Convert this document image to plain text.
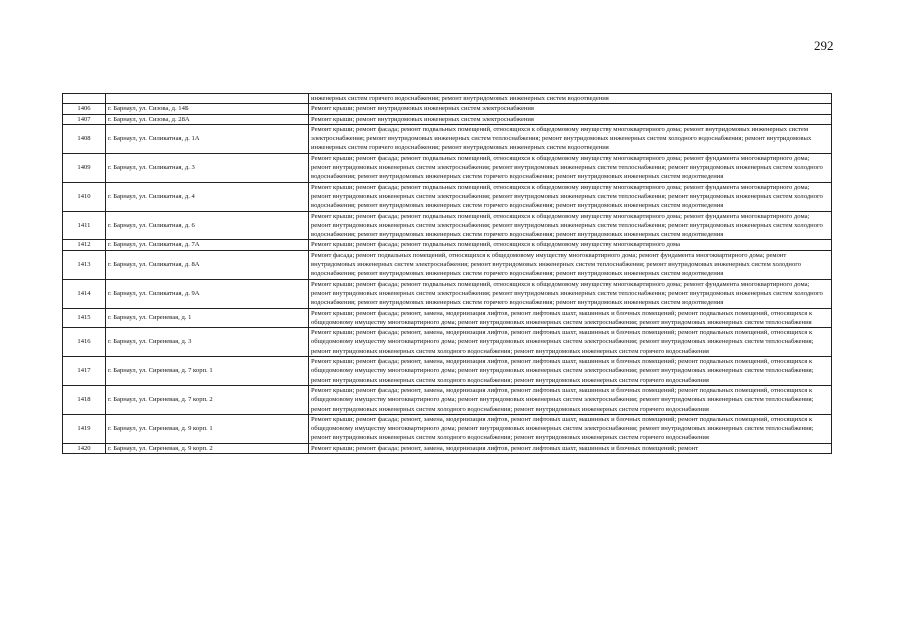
292
		инженерных систем горячего водоснабжения; ремонт внутридомовых инженерных систем водоотведения
1406	г. Барнаул, ул. Сизова, д. 14Б	Ремонт крыши; ремонт внутридомовых инженерных систем электроснабжения
1407	г. Барнаул, ул. Сизова, д. 28А	Ремонт крыши; ремонт внутридомовых инженерных систем электроснабжения
1408	г. Барнаул, ул. Силикатная, д. 1А	Ремонт крыши; ремонт фасада; ремонт подвальных помещений, относящихся к общедомовому имуществу многоквартирного дома; ремонт внутридомовых инженерных систем электроснабжения; ремонт внутридомовых инженерных систем теплоснабжения; ремонт внутридомовых инженерных систем холодного водоснабжения; ремонт внутридомовых инженерных систем горячего водоснабжения; ремонт внутридомовых инженерных систем водоотведения
1409	г. Барнаул, ул. Силикатная, д. 3	Ремонт крыши; ремонт фасада; ремонт подвальных помещений, относящихся к общедомовому имуществу многоквартирного дома; ремонт фундамента многоквартирного дома; ремонт внутридомовых инженерных систем электроснабжения; ремонт внутридомовых инженерных систем теплоснабжения; ремонт внутридомовых инженерных систем холодного водоснабжения; ремонт внутридомовых инженерных систем горячего водоснабжения; ремонт внутридомовых инженерных систем водоотведения
1410	г. Барнаул, ул. Силикатная, д. 4	Ремонт крыши; ремонт фасада; ремонт подвальных помещений, относящихся к общедомовому имуществу многоквартирного дома; ремонт фундамента многоквартирного дома; ремонт внутридомовых инженерных систем электроснабжения; ремонт внутридомовых инженерных систем теплоснабжения; ремонт внутридомовых инженерных систем холодного водоснабжения; ремонт внутридомовых инженерных систем горячего водоснабжения; ремонт внутридомовых инженерных систем водоотведения
1411	г. Барнаул, ул. Силикатная, д. 6	Ремонт крыши; ремонт фасада; ремонт подвальных помещений, относящихся к общедомовому имуществу многоквартирного дома; ремонт фундамента многоквартирного дома; ремонт внутридомовых инженерных систем электроснабжения; ремонт внутридомовых инженерных систем теплоснабжения; ремонт внутридомовых инженерных систем холодного водоснабжения; ремонт внутридомовых инженерных систем горячего водоснабжения; ремонт внутридомовых инженерных систем водоотведения
1412	г. Барнаул, ул. Силикатная, д. 7А	Ремонт крыши; ремонт фасада; ремонт подвальных помещений, относящихся к общедомовому имуществу многоквартирного дома
1413	г. Барнаул, ул. Силикатная, д. 8А	Ремонт фасада; ремонт подвальных помещений, относящихся к общедомовому имуществу многоквартирного дома; ремонт фундамента многоквартирного дома; ремонт внутридомовых инженерных систем электроснабжения; ремонт внутридомовых инженерных систем теплоснабжения; ремонт внутридомовых инженерных систем холодного водоснабжения; ремонт внутридомовых инженерных систем горячего водоснабжения; ремонт внутридомовых инженерных систем водоотведения
1414	г. Барнаул, ул. Силикатная, д. 9А	Ремонт крыши; ремонт фасада; ремонт подвальных помещений, относящихся к общедомовому имуществу многоквартирного дома; ремонт фундамента многоквартирного дома; ремонт внутридомовых инженерных систем электроснабжения; ремонт внутридомовых инженерных систем теплоснабжения; ремонт внутридомовых инженерных систем холодного водоснабжения; ремонт внутридомовых инженерных систем горячего водоснабжения; ремонт внутридомовых инженерных систем водоотведения
1415	г. Барнаул, ул. Сиреневая, д. 1	Ремонт крыши; ремонт фасада; ремонт, замена, модернизация лифтов, ремонт лифтовых шахт, машинных и блочных помещений; ремонт подвальных помещений, относящихся к общедомовому имуществу многоквартирного дома; ремонт внутридомовых инженерных систем электроснабжения; ремонт внутридомовых инженерных систем теплоснабжения
1416	г. Барнаул, ул. Сиреневая, д. 3	Ремонт крыши; ремонт фасада; ремонт, замена, модернизация лифтов, ремонт лифтовых шахт, машинных и блочных помещений; ремонт подвальных помещений, относящихся к общедомовому имуществу многоквартирного дома; ремонт внутридомовых инженерных систем электроснабжения; ремонт внутридомовых инженерных систем теплоснабжения; ремонт внутридомовых инженерных систем холодного водоснабжения; ремонт внутридомовых инженерных систем горячего водоснабжения
1417	г. Барнаул, ул. Сиреневая, д. 7 корп. 1	Ремонт крыши; ремонт фасада; ремонт, замена, модернизация лифтов, ремонт лифтовых шахт, машинных и блочных помещений; ремонт подвальных помещений, относящихся к общедомовому имуществу многоквартирного дома; ремонт внутридомовых инженерных систем электроснабжения; ремонт внутридомовых инженерных систем теплоснабжения; ремонт внутридомовых инженерных систем холодного водоснабжения; ремонт внутридомовых инженерных систем горячего водоснабжения
1418	г. Барнаул, ул. Сиреневая, д. 7 корп. 2	Ремонт крыши; ремонт фасада; ремонт, замена, модернизация лифтов, ремонт лифтовых шахт, машинных и блочных помещений; ремонт подвальных помещений, относящихся к общедомовому имуществу многоквартирного дома; ремонт внутридомовых инженерных систем электроснабжения; ремонт внутридомовых инженерных систем теплоснабжения; ремонт внутридомовых инженерных систем холодного водоснабжения; ремонт внутридомовых инженерных систем горячего водоснабжения
1419	г. Барнаул, ул. Сиреневая, д. 9 корп. 1	Ремонт крыши; ремонт фасада; ремонт, замена, модернизация лифтов, ремонт лифтовых шахт, машинных и блочных помещений; ремонт подвальных помещений, относящихся к общедомовому имуществу многоквартирного дома; ремонт внутридомовых инженерных систем электроснабжения; ремонт внутридомовых инженерных систем теплоснабжения; ремонт внутридомовых инженерных систем холодного водоснабжения; ремонт внутридомовых инженерных систем горячего водоснабжения
1420	г. Барнаул, ул. Сиреневая, д. 9 корп. 2	Ремонт крыши; ремонт фасада; ремонт, замена, модернизация лифтов, ремонт лифтовых шахт, машинных и блочных помещений; ремонт
